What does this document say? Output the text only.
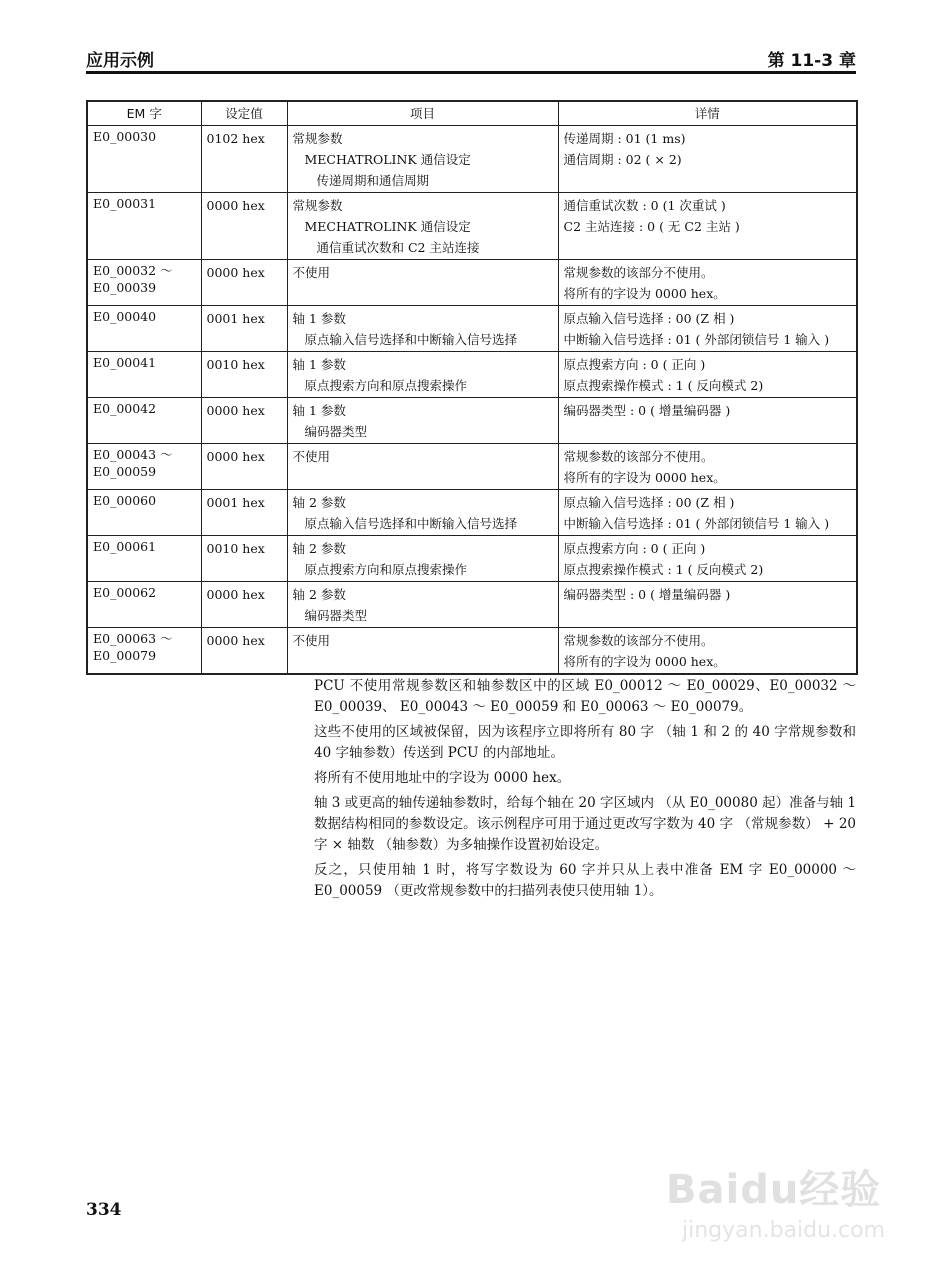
应用示例	第 11-3 章
EM 字	设定值	项目	详情

E0_00030	0102 hex	常规参数
MECHATROLINK 通信设定
传递周期和通信周期	传递周期 : 01 (1 ms)
通信周期 : 02 ( × 2)

E0_00031	0000 hex	常规参数
MECHATROLINK 通信设定
通信重试次数和 C2 主站连接	通信重试次数 : 0 (1 次重试 )
C2 主站连接 : 0 ( 无 C2 主站 )

E0_00032 ～
E0_00039	0000 hex	不使用	常规参数的该部分不使用。
将所有的字设为 0000 hex。

E0_00040	0001 hex	轴 1 参数
原点输入信号选择和中断输入信号选择	原点输入信号选择 : 00 (Z 相 )
中断输入信号选择 : 01 ( 外部闭锁信号 1 输入 )

E0_00041	0010 hex	轴 1 参数
原点搜索方向和原点搜索操作	原点搜索方向 : 0 ( 正向 )
原点搜索操作模式 : 1 ( 反向模式 2)

E0_00042	0000 hex	轴 1 参数
编码器类型	编码器类型 : 0 ( 增量编码器 )

E0_00043 ～
E0_00059	0000 hex	不使用	常规参数的该部分不使用。
将所有的字设为 0000 hex。

E0_00060	0001 hex	轴 2 参数
原点输入信号选择和中断输入信号选择	原点输入信号选择 : 00 (Z 相 )
中断输入信号选择 : 01 ( 外部闭锁信号 1 输入 )

E0_00061	0010 hex	轴 2 参数
原点搜索方向和原点搜索操作	原点搜索方向 : 0 ( 正向 )
原点搜索操作模式 : 1 ( 反向模式 2)

E0_00062	0000 hex	轴 2 参数
编码器类型	编码器类型 : 0 ( 增量编码器 )

E0_00063 ～
E0_00079	0000 hex	不使用	常规参数的该部分不使用。
将所有的字设为 0000 hex。

PCU 不使用常规参数区和轴参数区中的区域 E0_00012 ～ E0_00029、E0_00032 ～ E0_00039、 E0_00043 ～ E0_00059 和 E0_00063 ～ E0_00079。

这些不使用的区域被保留，因为该程序立即将所有 80 字 （轴 1 和 2 的 40 字常规参数和 40 字轴参数）传送到 PCU 的内部地址。

将所有不使用地址中的字设为 0000 hex。

轴 3 或更高的轴传递轴参数时，给每个轴在 20 字区域内 （从 E0_00080 起）准备与轴 1 数据结构相同的参数设定。该示例程序可用于通过更改写字数为 40 字 （常规参数） + 20 字 × 轴数 （轴参数）为多轴操作设置初始设定。

反之，只使用轴 1 时，将写字数设为 60 字并只从上表中准备 EM 字 E0_00000 ～ E0_00059 （更改常规参数中的扫描列表使只使用轴 1）。

334	Baidu经验
jingyan.baidu.com
